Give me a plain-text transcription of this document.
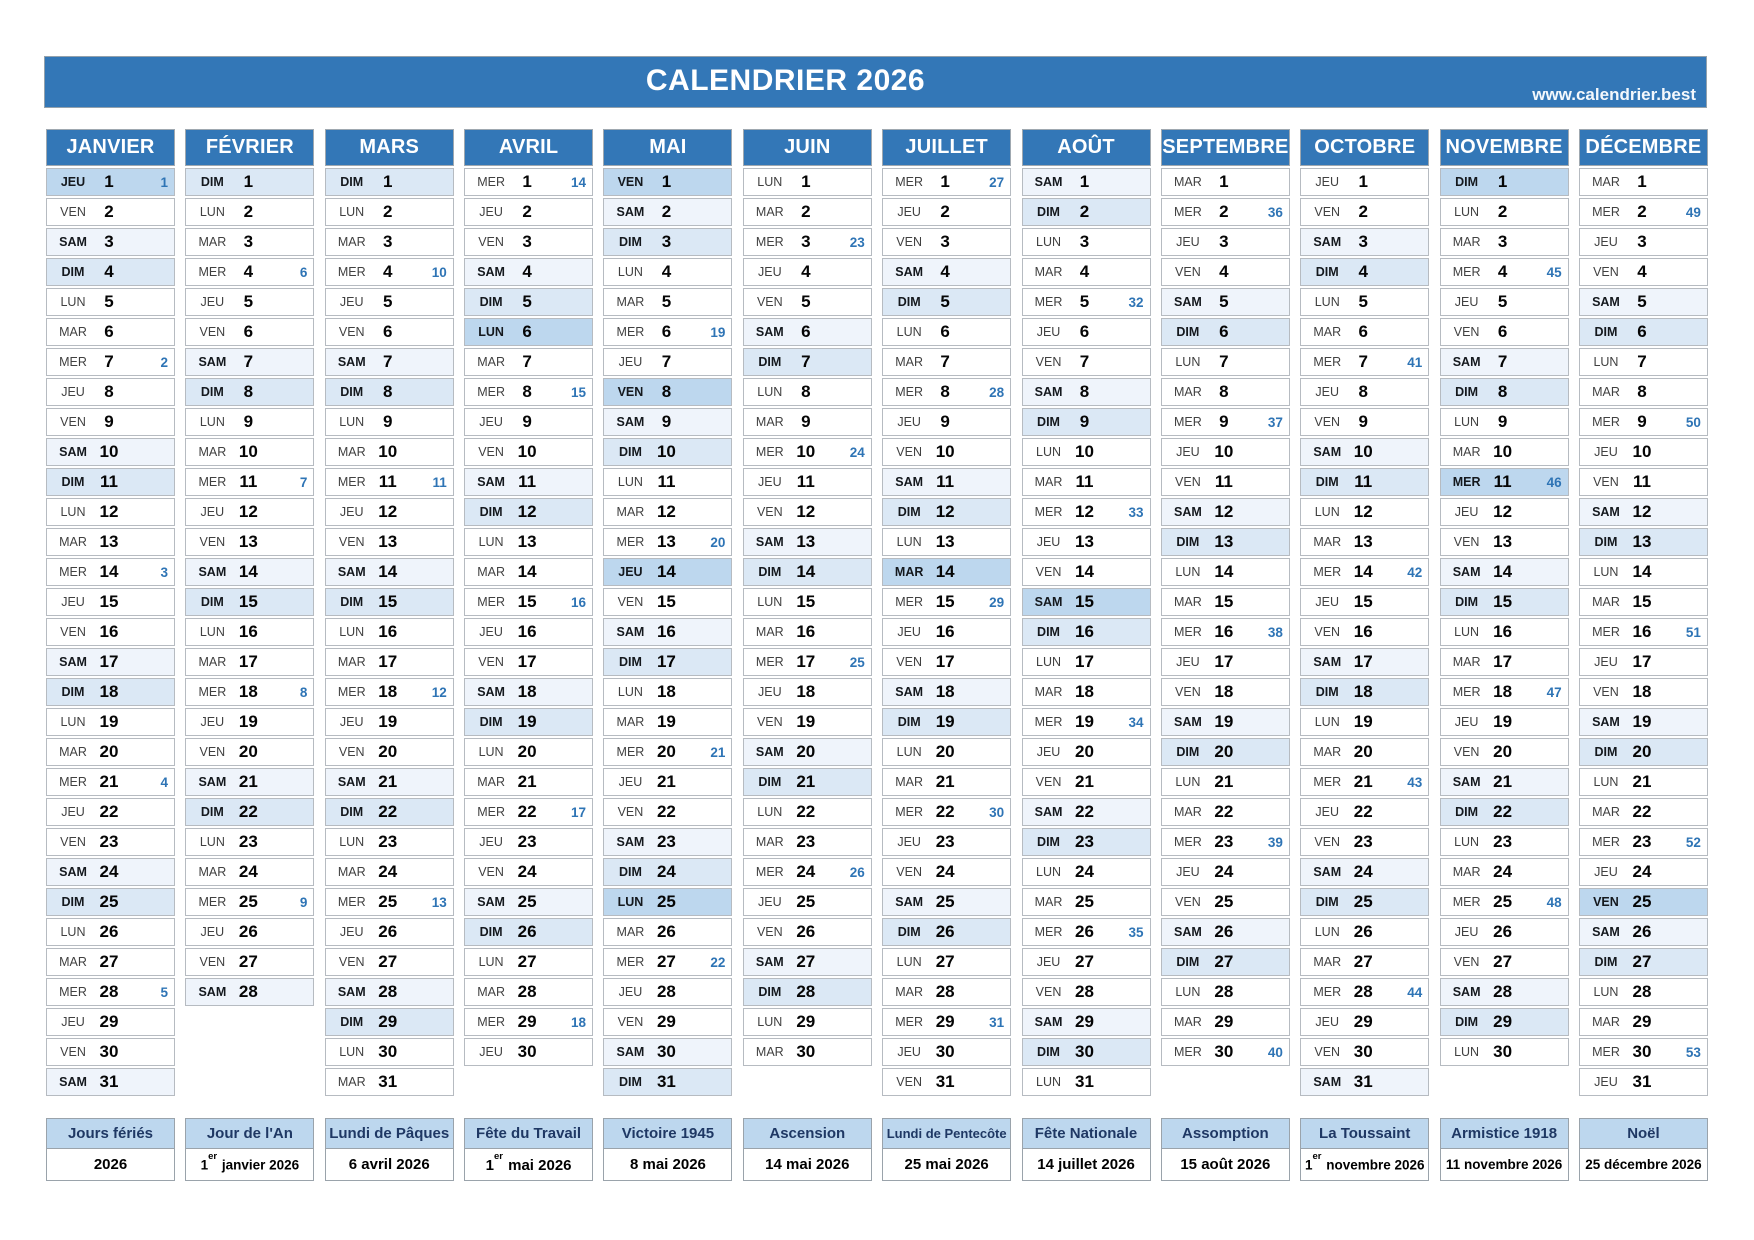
CALENDRIER 2026	www.calendrier.best
JANVIER
JEU	1	1
VEN	2
SAM	3
DIM	4
LUN	5
MAR	6
MER	7	2
JEU	8
VEN	9
SAM 10
DIM 11
LUN 12
MAR 13
MER 14	3
JEU 15
VEN 16
SAM 17
DIM 18
LUN 19
MAR 20
MER 21	4
JEU 22
VEN 23
SAM 24
DIM 25
LUN 26
MAR 27
MER 28	5
JEU 29
VEN 30
SAM 31
FÉVRIER
DIM	1
LUN	2
MAR	3
MER	4	6
JEU	5
VEN	6
SAM	7
DIM	8
LUN	9
MAR 10
MER 11	7
JEU 12
VEN 13
SAM 14
DIM 15
LUN 16
MAR 17
MER 18	8
JEU 19
VEN 20
SAM 21
DIM 22
LUN 23
MAR 24
MER 25	9
JEU 26
VEN 27
SAM 28
MARS
DIM	1
LUN	2
MAR	3
MER	4	10
JEU	5
VEN	6
SAM	7
DIM	8
LUN	9
MAR 10
MER 11	11
JEU 12
VEN 13
SAM 14
DIM 15
LUN 16
MAR 17
MER 18	12
JEU 19
VEN 20
SAM 21
DIM 22
LUN 23
MAR 24
MER 25	13
JEU 26
VEN 27
SAM 28
DIM 29
LUN 30
MAR 31
AVRIL
MER	1	14
JEU	2
VEN	3
SAM	4
DIM	5
LUN	6
MAR	7
MER	8	15
JEU	9
VEN 10
SAM 11
DIM 12
LUN 13
MAR 14
MER 15	16
JEU 16
VEN 17
SAM 18
DIM 19
LUN 20
MAR 21
MER 22	17
JEU 23
VEN 24
SAM 25
DIM 26
LUN 27
MAR 28
MER 29	18
JEU 30
MAI
VEN	1
SAM	2
DIM	3
LUN	4
MAR	5
MER	6	19
JEU	7
VEN	8
SAM	9
DIM 10
LUN 11
MAR 12
MER 13	20
JEU 14
VEN 15
SAM 16
DIM 17
LUN 18
MAR 19
MER 20	21
JEU 21
VEN 22
SAM 23
DIM 24
LUN 25
MAR 26
MER 27	22
JEU 28
VEN 29
SAM 30
DIM 31
JUIN
LUN	1
MAR	2
MER	3	23
JEU	4
VEN	5
SAM	6
DIM	7
LUN	8
MAR	9
MER 10	24
JEU 11
VEN 12
SAM 13
DIM 14
LUN 15
MAR 16
MER 17	25
JEU 18
VEN 19
SAM 20
DIM 21
LUN 22
MAR 23
MER 24	26
JEU 25
VEN 26
SAM 27
DIM 28
LUN 29
MAR 30
JUILLET
MER	1	27
JEU	2
VEN	3
SAM	4
DIM	5
LUN	6
MAR	7
MER	8	28
JEU	9
VEN 10
SAM 11
DIM 12
LUN 13
MAR 14
MER 15	29
JEU 16
VEN 17
SAM 18
DIM 19
LUN 20
MAR 21
MER 22	30
JEU 23
VEN 24
SAM 25
DIM 26
LUN 27
MAR 28
MER 29	31
JEU 30
VEN 31
AOÛT
SAM	1
DIM	2
LUN	3
MAR	4
MER	5	32
JEU	6
VEN	7
SAM	8
DIM	9
LUN 10
MAR 11
MER 12	33
JEU 13
VEN 14
SAM 15
DIM 16
LUN 17
MAR 18
MER 19	34
JEU 20
VEN 21
SAM 22
DIM 23
LUN 24
MAR 25
MER 26	35
JEU 27
VEN 28
SAM 29
DIM 30
LUN 31
SEPTEMBRE
MAR	1
MER	2	36
JEU	3
VEN	4
SAM	5
DIM	6
LUN	7
MAR	8
MER	9	37
JEU 10
VEN 11
SAM 12
DIM 13
LUN 14
MAR 15
MER 16	38
JEU 17
VEN 18
SAM 19
DIM 20
LUN 21
MAR 22
MER 23	39
JEU 24
VEN 25
SAM 26
DIM 27
LUN 28
MAR 29
MER 30	40
OCTOBRE
JEU	1
VEN	2
SAM	3
DIM	4
LUN	5
MAR	6
MER	7	41
JEU	8
VEN	9
SAM 10
DIM 11
LUN 12
MAR 13
MER 14	42
JEU 15
VEN 16
SAM 17
DIM 18
LUN 19
MAR 20
MER 21	43
JEU 22
VEN 23
SAM 24
DIM 25
LUN 26
MAR 27
MER 28	44
JEU 29
VEN 30
SAM 31
NOVEMBRE
DIM	1
LUN	2
MAR	3
MER	4	45
JEU	5
VEN	6
SAM	7
DIM	8
LUN	9
MAR 10
MER 11	46
JEU 12
VEN 13
SAM 14
DIM 15
LUN 16
MAR 17
MER 18	47
JEU 19
VEN 20
SAM 21
DIM 22
LUN 23
MAR 24
MER 25	48
JEU 26
VEN 27
SAM 28
DIM 29
LUN 30
DÉCEMBRE
MAR	1
MER	2	49
JEU	3
VEN	4
SAM	5
DIM	6
LUN	7
MAR	8
MER	9	50
JEU 10
VEN 11
SAM 12
DIM 13
LUN 14
MAR 15
MER 16	51
JEU 17
VEN 18
SAM 19
DIM 20
LUN 21
MAR 22
MER 23	52
JEU 24
VEN 25
SAM 26
DIM 27
LUN 28
MAR 29
MER 30	53
JEU 31
Jours fériés
2026
Jour de l'An
1er janvier 2026
Lundi de Pâques
6 avril 2026
Fête du Travail
1er mai 2026
Victoire 1945
8 mai 2026
Ascension
14 mai 2026
Lundi de Pentecôte
25 mai 2026
Fête Nationale
14 juillet 2026
Assomption
15 août 2026
La Toussaint
1er novembre 2026
Armistice 1918
11 novembre 2026
Noël
25 décembre 2026
